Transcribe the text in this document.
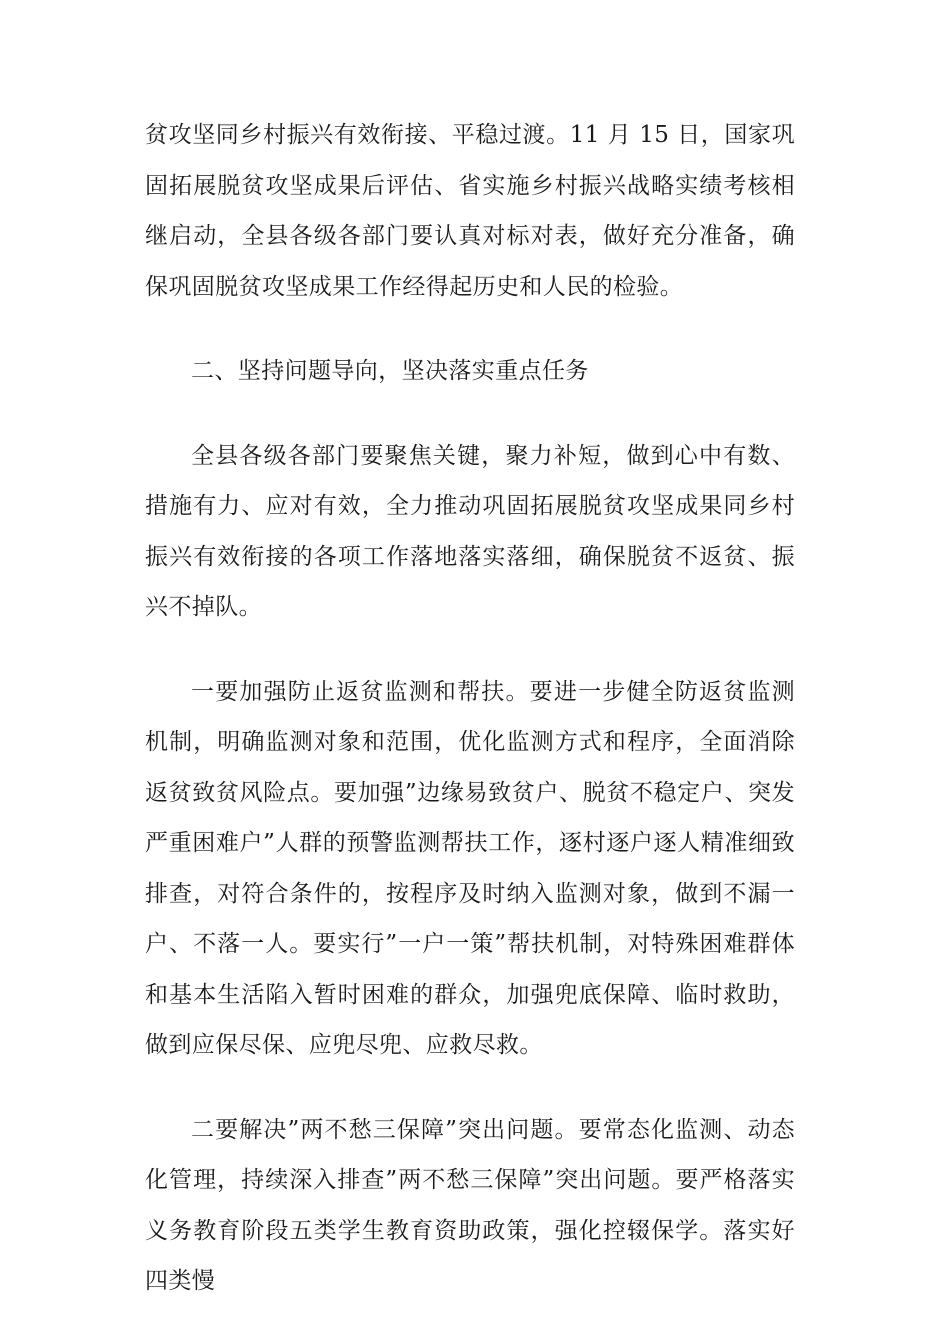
贫攻坚同乡村振兴有效衔接、平稳过渡。11 月 15 日，国家巩固拓展脱贫攻坚成果后评估、省实施乡村振兴战略实绩考核相继启动，全县各级各部门要认真对标对表，做好充分准备，确保巩固脱贫攻坚成果工作经得起历史和人民的检验。

二、坚持问题导向，坚决落实重点任务

全县各级各部门要聚焦关键，聚力补短，做到心中有数、措施有力、应对有效，全力推动巩固拓展脱贫攻坚成果同乡村振兴有效衔接的各项工作落地落实落细，确保脱贫不返贫、振兴不掉队。

一要加强防止返贫监测和帮扶。要进一步健全防返贫监测机制，明确监测对象和范围，优化监测方式和程序，全面消除返贫致贫风险点。要加强”边缘易致贫户、脱贫不稳定户、突发严重困难户”人群的预警监测帮扶工作，逐村逐户逐人精准细致排查，对符合条件的，按程序及时纳入监测对象，做到不漏一户、不落一人。要实行”一户一策”帮扶机制，对特殊困难群体和基本生活陷入暂时困难的群众，加强兜底保障、临时救助，做到应保尽保、应兜尽兜、应救尽救。

二要解决”两不愁三保障”突出问题。要常态化监测、动态化管理，持续深入排查”两不愁三保障”突出问题。要严格落实义务教育阶段五类学生教育资助政策，强化控辍保学。落实好四类慢
